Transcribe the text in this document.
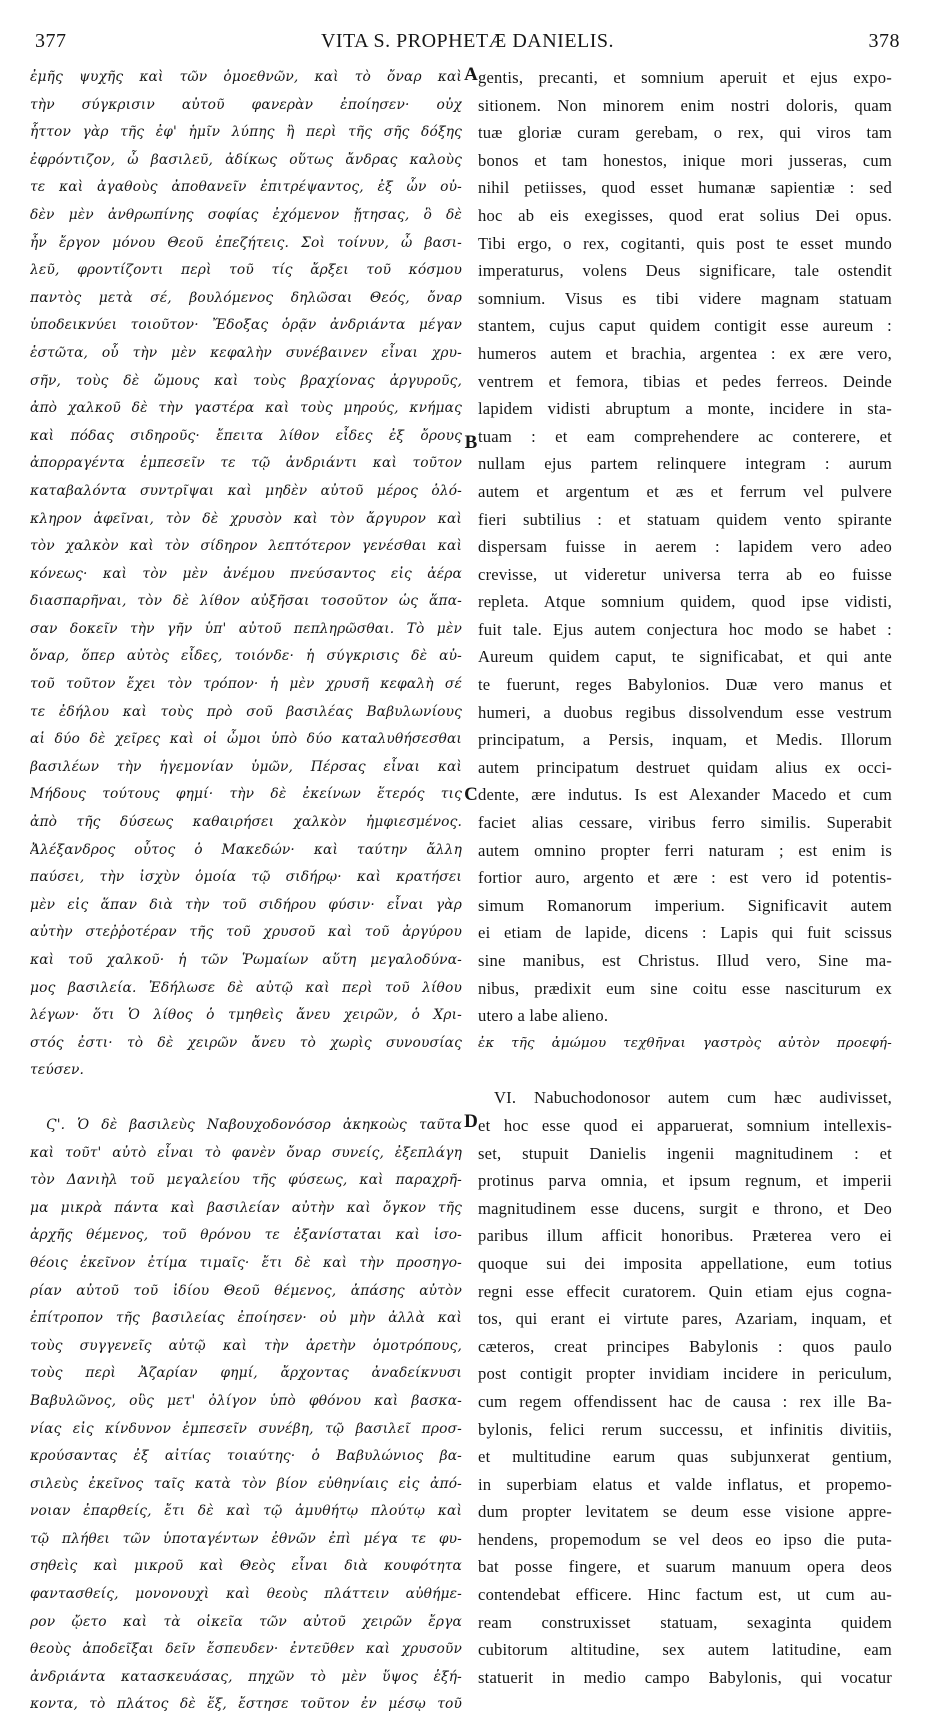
377	VITA S. PROPHETÆ DANIELIS.	378
A
B
C
D
ἐμῆς ψυχῆς καὶ τῶν ὁμοεθνῶν, καὶ τὸ ὄναρ καὶ
τὴν σύγκρισιν αὐτοῦ φανερὰν ἐποίησεν· οὐχ
ἧττον γὰρ τῆς ἐφ' ἡμῖν λύπης ἢ περὶ τῆς σῆς δόξης
ἐφρόντιζον, ὦ βασιλεῦ, ἀδίκως οὕτως ἄνδρας καλοὺς
τε καὶ ἀγαθοὺς ἀποθανεῖν ἐπιτρέψαντος, ἐξ ὧν οὐ-
δὲν μὲν ἀνθρωπίνης σοφίας ἐχόμενον ᾔτησας, ὃ δὲ
ἦν ἔργον μόνου Θεοῦ ἐπεζήτεις. Σοὶ τοίνυν, ὦ βασι-
λεῦ, φροντίζοντι περὶ τοῦ τίς ἄρξει τοῦ κόσμου
παντὸς μετὰ σέ, βουλόμενος δηλῶσαι Θεός, ὄναρ
ὑποδεικνύει τοιοῦτον· Ἔδοξας ὁρᾷν ἀνδριάντα μέγαν
ἑστῶτα, οὗ τὴν μὲν κεφαλὴν συνέβαινεν εἶναι χρυ-
σῆν, τοὺς δὲ ὤμους καὶ τοὺς βραχίονας ἀργυροῦς,
ἀπὸ χαλκοῦ δὲ τὴν γαστέρα καὶ τοὺς μηρούς, κνήμας
καὶ πόδας σιδηροῦς· ἔπειτα λίθον εἶδες ἐξ ὄρους
ἀπορραγέντα ἐμπεσεῖν τε τῷ ἀνδριάντι καὶ τοῦτον
καταβαλόντα συντρῖψαι καὶ μηδὲν αὐτοῦ μέρος ὁλό-
κληρον ἀφεῖναι, τὸν δὲ χρυσὸν καὶ τὸν ἄργυρον καὶ
τὸν χαλκὸν καὶ τὸν σίδηρον λεπτότερον γενέσθαι καὶ
κόνεως· καὶ τὸν μὲν ἀνέμου πνεύσαντος εἰς ἀέρα
διασπαρῆναι, τὸν δὲ λίθον αὐξῆσαι τοσοῦτον ὡς ἅπα-
σαν δοκεῖν τὴν γῆν ὑπ' αὐτοῦ πεπληρῶσθαι. Τὸ μὲν
ὄναρ, ὅπερ αὐτὸς εἶδες, τοιόνδε· ἡ σύγκρισις δὲ αὐ-
τοῦ τοῦτον ἔχει τὸν τρόπον· ἡ μὲν χρυσῆ κεφαλὴ σέ
τε ἐδήλου καὶ τοὺς πρὸ σοῦ βασιλέας Βαβυλωνίους
αἱ δύο δὲ χεῖρες καὶ οἱ ὦμοι ὑπὸ δύο καταλυθήσεσθαι
βασιλέων τὴν ἡγεμονίαν ὑμῶν, Πέρσας εἶναι καὶ
Μήδους τούτους φημί· τὴν δὲ ἐκείνων ἕτερός τις
ἀπὸ τῆς δύσεως καθαιρήσει χαλκὸν ἠμφιεσμένος.
Ἀλέξανδρος οὗτος ὁ Μακεδών· καὶ ταύτην ἄλλη
παύσει, τὴν ἰσχὺν ὁμοία τῷ σιδήρῳ· καὶ κρατήσει
μὲν εἰς ἅπαν διὰ τὴν τοῦ σιδήρου φύσιν· εἶναι γὰρ
αὐτὴν στεῤῥοτέραν τῆς τοῦ χρυσοῦ καὶ τοῦ ἀργύρου
καὶ τοῦ χαλκοῦ· ἡ τῶν Ῥωμαίων αὕτη μεγαλοδύνα-
μος βασιλεία. Ἐδήλωσε δὲ αὐτῷ καὶ περὶ τοῦ λίθου
λέγων· ὅτι Ὁ λίθος ὁ τμηθεὶς ἄνευ χειρῶν, ὁ Χρι-
στός ἐστι· τὸ δὲ χειρῶν ἄνευ τὸ χωρὶς συνουσίας
τεύσεν.
Ϛ'. Ὁ δὲ βασιλεὺς Ναβουχοδονόσορ ἀκηκοὼς ταῦτα
καὶ τοῦτ' αὐτὸ εἶναι τὸ φανὲν ὄναρ συνείς, ἐξεπλάγη
τὸν Δανιὴλ τοῦ μεγαλείου τῆς φύσεως, καὶ παραχρῆ-
μα μικρὰ πάντα καὶ βασιλείαν αὐτὴν καὶ ὄγκον τῆς
ἀρχῆς θέμενος, τοῦ θρόνου τε ἐξανίσταται καὶ ἰσο-
θέοις ἐκεῖνον ἐτίμα τιμαῖς· ἔτι δὲ καὶ τὴν προσηγο-
ρίαν αὐτοῦ τοῦ ἰδίου Θεοῦ θέμενος, ἁπάσης αὐτὸν
ἐπίτροπον τῆς βασιλείας ἐποίησεν· οὐ μὴν ἀλλὰ καὶ
τοὺς συγγενεῖς αὐτῷ καὶ τὴν ἀρετὴν ὁμοτρόπους,
τοὺς περὶ Ἀζαρίαν φημί, ἄρχοντας ἀναδείκνυσι
Βαβυλῶνος, οὓς μετ' ὀλίγον ὑπὸ φθόνου καὶ βασκα-
νίας εἰς κίνδυνον ἐμπεσεῖν συνέβη, τῷ βασιλεῖ προσ-
κρούσαντας ἐξ αἰτίας τοιαύτης· ὁ Βαβυλώνιος βα-
σιλεὺς ἐκεῖνος ταῖς κατὰ τὸν βίον εὐθηνίαις εἰς ἀπό-
νοιαν ἐπαρθείς, ἔτι δὲ καὶ τῷ ἀμυθήτῳ πλούτῳ καὶ
τῷ πλήθει τῶν ὑποταγέντων ἐθνῶν ἐπὶ μέγα τε φυ-
σηθεὶς καὶ μικροῦ καὶ Θεὸς εἶναι διὰ κουφότητα
φαντασθείς, μονονουχὶ καὶ θεοὺς πλάττειν αὐθήμε-
ρον ᾤετο καὶ τὰ οἰκεῖα τῶν αὐτοῦ χειρῶν ἔργα
θεοὺς ἀποδεῖξαι δεῖν ἔσπευδεν· ἐντεῦθεν καὶ χρυσοῦν
ἀνδριάντα κατασκευάσας, πηχῶν τὸ μὲν ὕψος ἑξή-
κοντα, τὸ πλάτος δὲ ἕξ, ἔστησε τοῦτον ἐν μέσῳ τοῦ
gentis, precanti, et somnium aperuit et ejus expo-
sitionem. Non minorem enim nostri doloris, quam
tuæ gloriæ curam gerebam, o rex, qui viros tam
bonos et tam honestos, inique mori jusseras, cum
nihil petiisses, quod esset humanæ sapientiæ : sed
hoc ab eis exegisses, quod erat solius Dei opus.
Tibi ergo, o rex, cogitanti, quis post te esset mundo
imperaturus, volens Deus significare, tale ostendit
somnium. Visus es tibi videre magnam statuam
stantem, cujus caput quidem contigit esse aureum :
humeros autem et brachia, argentea : ex ære vero,
ventrem et femora, tibias et pedes ferreos. Deinde
lapidem vidisti abruptum a monte, incidere in sta-
tuam : et eam comprehendere ac conterere, et
nullam ejus partem relinquere integram : aurum
autem et argentum et æs et ferrum vel pulvere
fieri subtilius : et statuam quidem vento spirante
dispersam fuisse in aerem : lapidem vero adeo
crevisse, ut videretur universa terra ab eo fuisse
repleta. Atque somnium quidem, quod ipse vidisti,
fuit tale. Ejus autem conjectura hoc modo se habet :
Aureum quidem caput, te significabat, et qui ante
te fuerunt, reges Babylonios. Duæ vero manus et
humeri, a duobus regibus dissolvendum esse vestrum
principatum, a Persis, inquam, et Medis. Illorum
autem principatum destruet quidam alius ex occi-
dente, ære indutus. Is est Alexander Macedo et cum
faciet alias cessare, viribus ferro similis. Superabit
autem omnino propter ferri naturam ; est enim is
fortior auro, argento et ære : est vero id potentis-
simum Romanorum imperium. Significavit autem
ei etiam de lapide, dicens : Lapis qui fuit scissus
sine manibus, est Christus. Illud vero, Sine ma-
nibus, prædixit eum sine coitu esse nasciturum ex
utero a labe alieno.
ἐκ τῆς ἀμώμου τεχθῆναι γαστρὸς αὐτὸν προεφή-
VI. Nabuchodonosor autem cum hæc audivisset,
et hoc esse quod ei apparuerat, somnium intellexis-
set, stupuit Danielis ingenii magnitudinem : et
protinus parva omnia, et ipsum regnum, et imperii
magnitudinem esse ducens, surgit e throno, et Deo
paribus illum afficit honoribus. Præterea vero ei
quoque sui dei imposita appellatione, eum totius
regni esse effecit curatorem. Quin etiam ejus cogna-
tos, qui erant ei virtute pares, Azariam, inquam, et
cæteros, creat principes Babylonis : quos paulo
post contigit propter invidiam incidere in periculum,
cum regem offendissent hac de causa : rex ille Ba-
bylonis, felici rerum successu, et infinitis divitiis,
et multitudine earum quas subjunxerat gentium,
in superbiam elatus et valde inflatus, et propemo-
dum propter levitatem se deum esse visione appre-
hendens, propemodum se vel deos eo ipso die puta-
bat posse fingere, et suarum manuum opera deos
contendebat efficere. Hinc factum est, ut cum au-
ream construxisset statuam, sexaginta quidem
cubitorum altitudine, sex autem latitudine, eam
statuerit in medio campo Babylonis, qui vocatur
